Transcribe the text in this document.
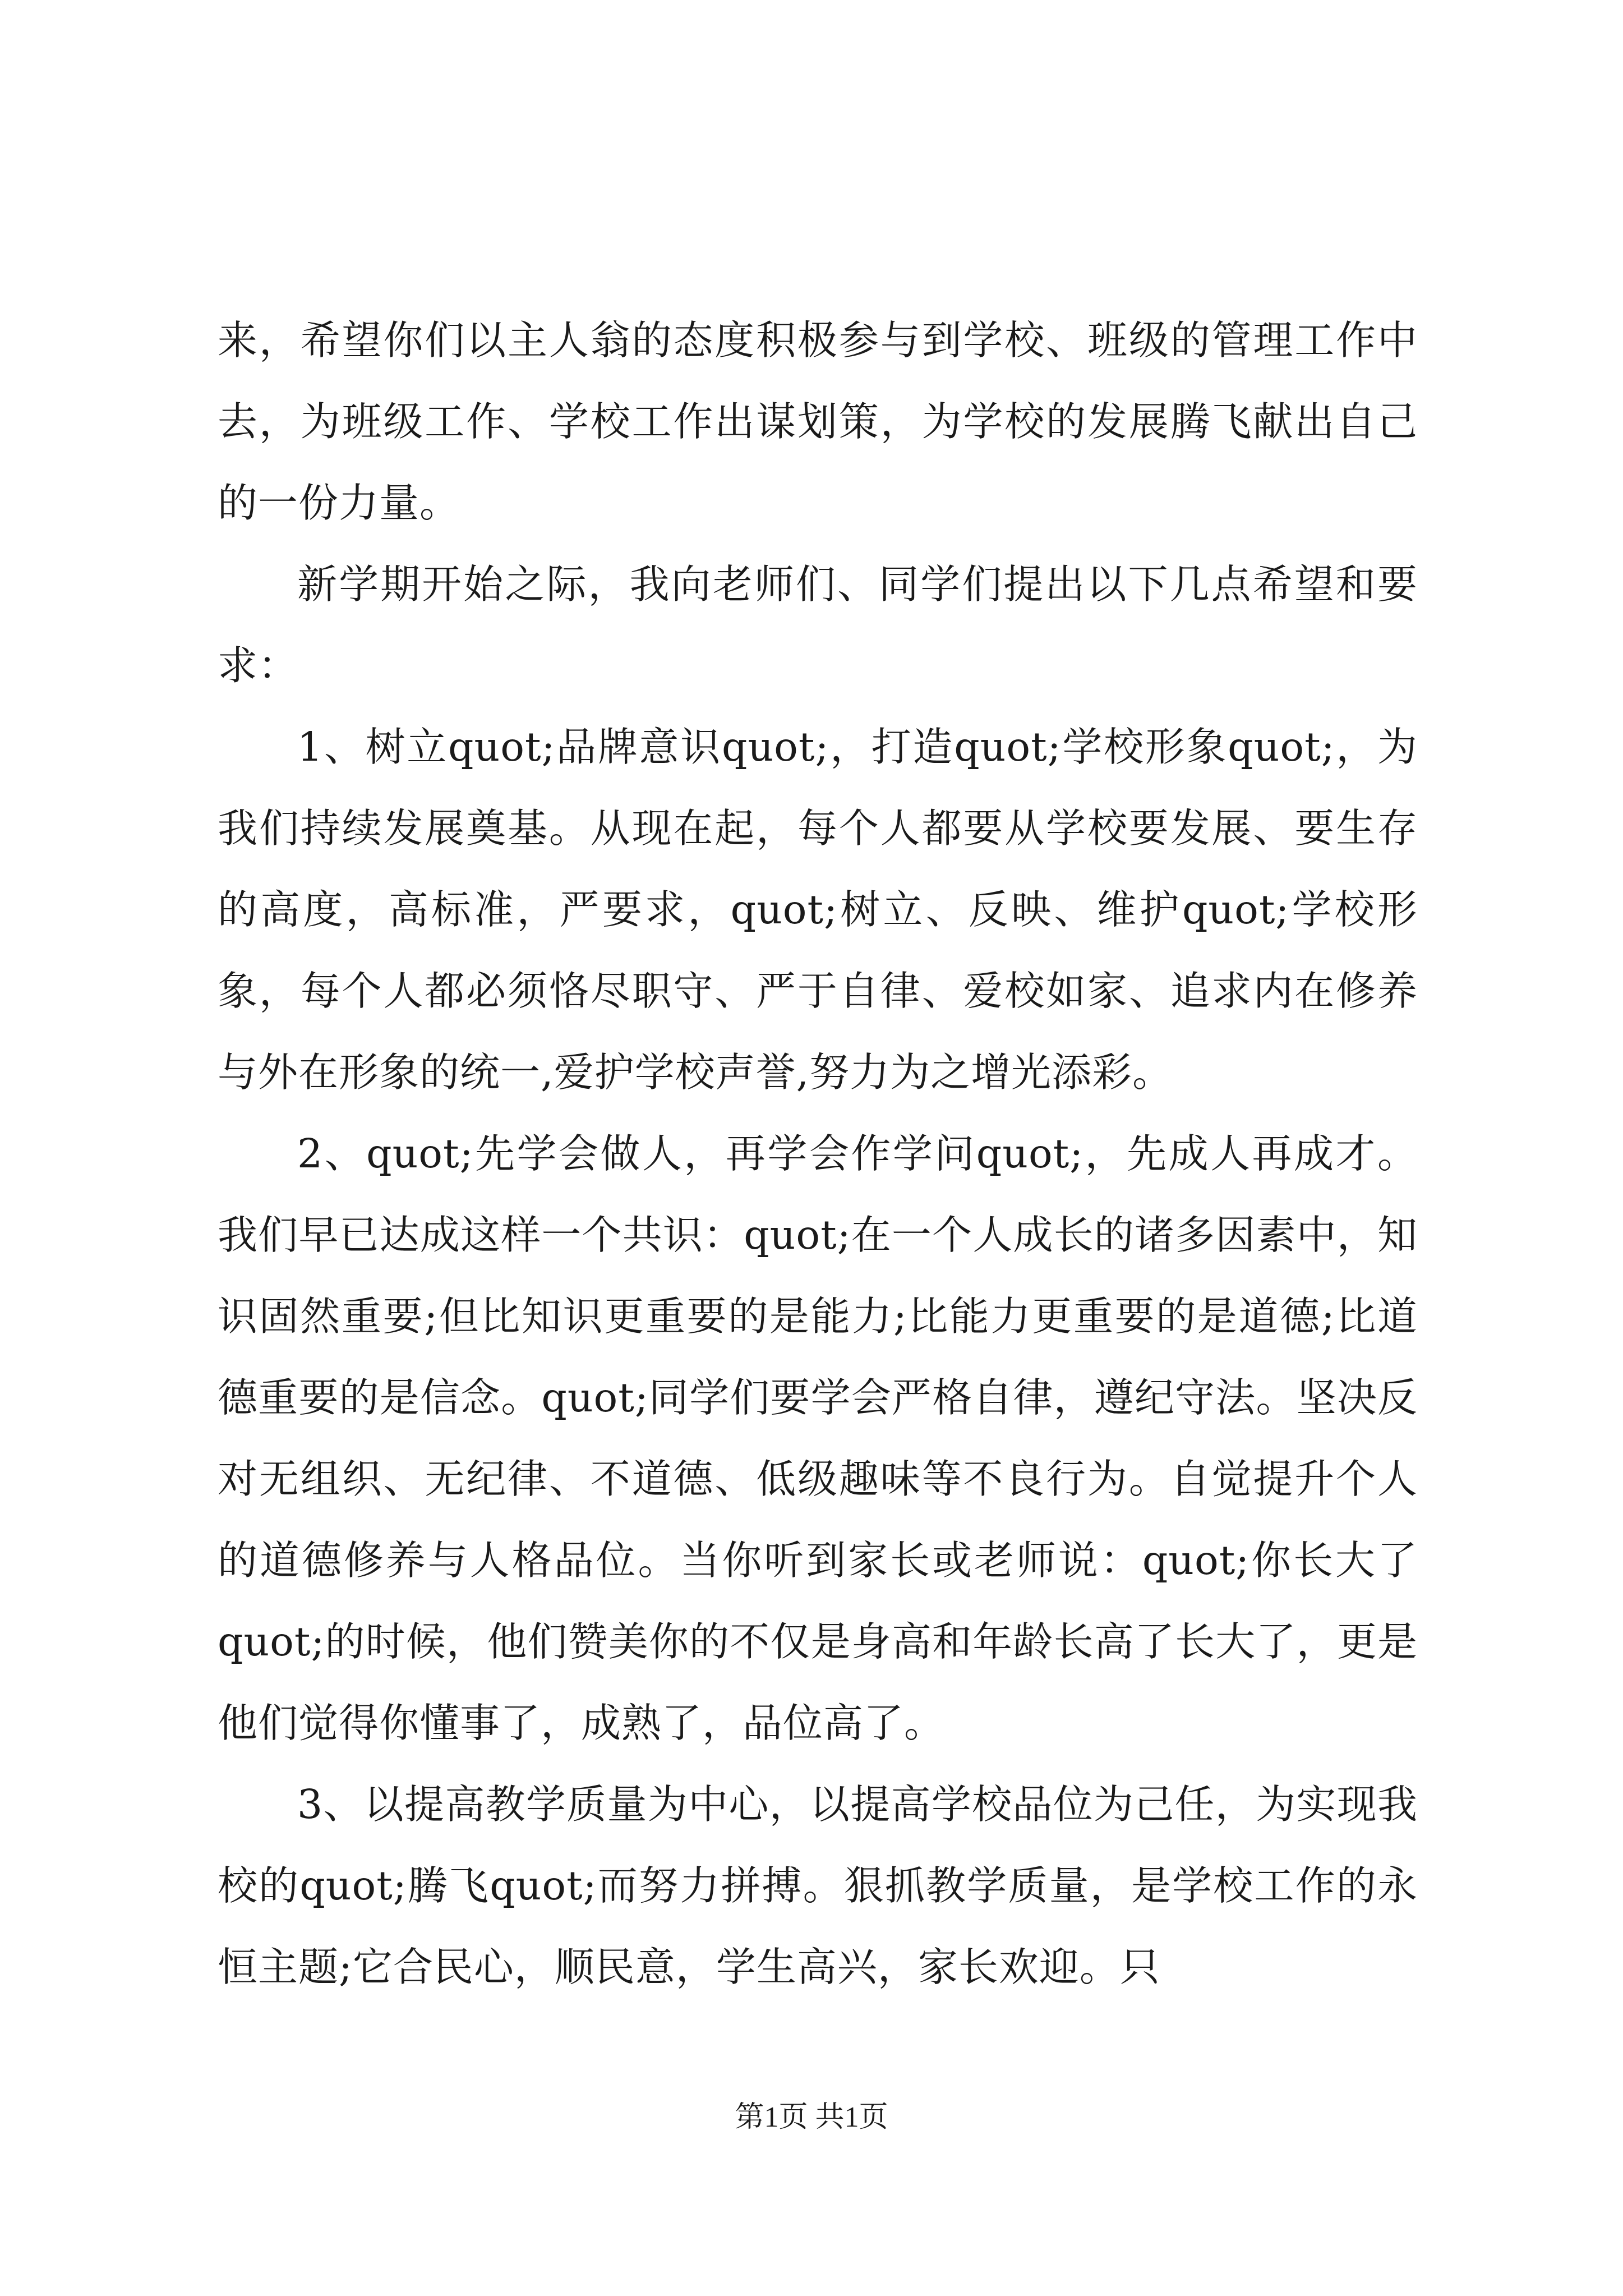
来，希望你们以主人翁的态度积极参与到学校、班级的管理工作中去，为班级工作、学校工作出谋划策，为学校的发展腾飞献出自己的一份力量。

新学期开始之际，我向老师们、同学们提出以下几点希望和要求：

1、树立quot;品牌意识quot;，打造quot;学校形象quot;，为我们持续发展奠基。从现在起，每个人都要从学校要发展、要生存的高度，高标准，严要求，quot;树立、反映、维护quot;学校形象，每个人都必须恪尽职守、严于自律、爱校如家、追求内在修养与外在形象的统一,爱护学校声誉,努力为之增光添彩。

2、quot;先学会做人，再学会作学问quot;，先成人再成才。我们早已达成这样一个共识：quot;在一个人成长的诸多因素中，知识固然重要;但比知识更重要的是能力;比能力更重要的是道德;比道德重要的是信念。quot;同学们要学会严格自律，遵纪守法。坚决反对无组织、无纪律、不道德、低级趣味等不良行为。自觉提升个人的道德修养与人格品位。当你听到家长或老师说：quot;你长大了quot;的时候，他们赞美你的不仅是身高和年龄长高了长大了，更是他们觉得你懂事了，成熟了，品位高了。

3、以提高教学质量为中心，以提高学校品位为己任，为实现我校的quot;腾飞quot;而努力拼搏。狠抓教学质量，是学校工作的永恒主题;它合民心，顺民意，学生高兴，家长欢迎。只

第1页 共1页
